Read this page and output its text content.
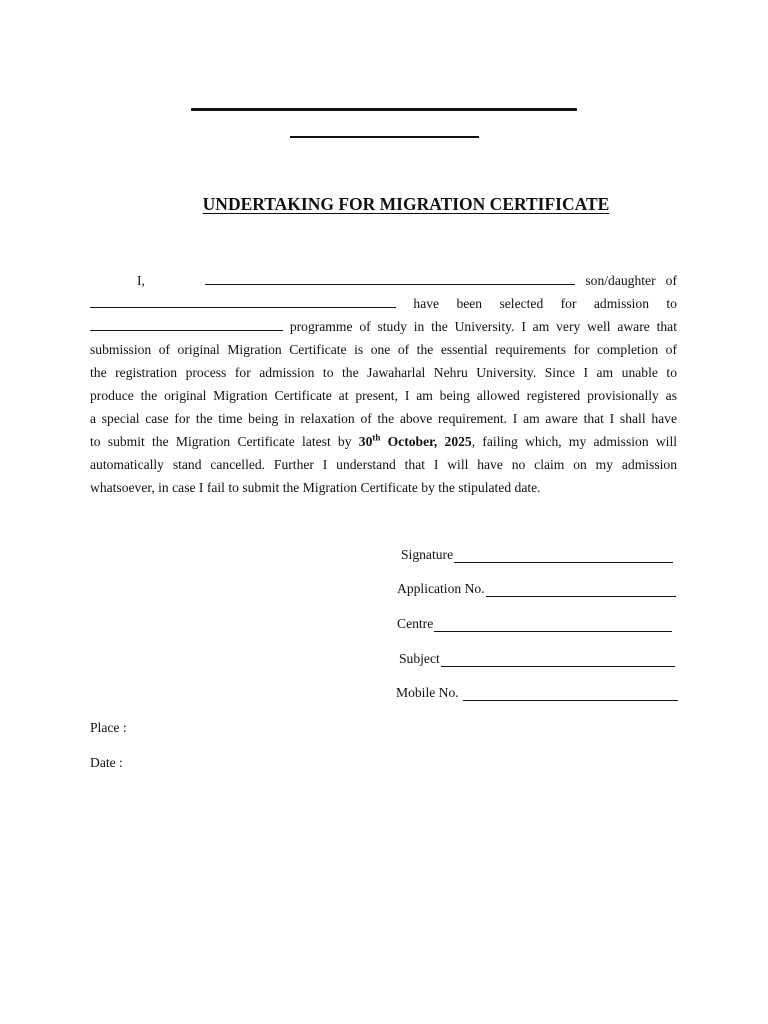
UNDERTAKING FOR MIGRATION CERTIFICATE
I,	son/daughter of
have been selected for admission to
programme of study in the University. I am very well aware that
submission of original Migration Certificate is one of the essential requirements for completion of
the registration process for admission to the Jawaharlal Nehru University. Since I am unable to
produce the original Migration Certificate at present, I am being allowed registered provisionally as
a special case for the time being in relaxation of the above requirement. I am aware that I shall have
to submit the Migration Certificate latest by 30th October, 2025, failing which, my admission will
automatically stand cancelled. Further I understand that I will have no claim on my admission
whatsoever, in case I fail to submit the Migration Certificate by the stipulated date.
Signature
Application No.
Centre
Subject
Mobile No.
Place :
Date :
